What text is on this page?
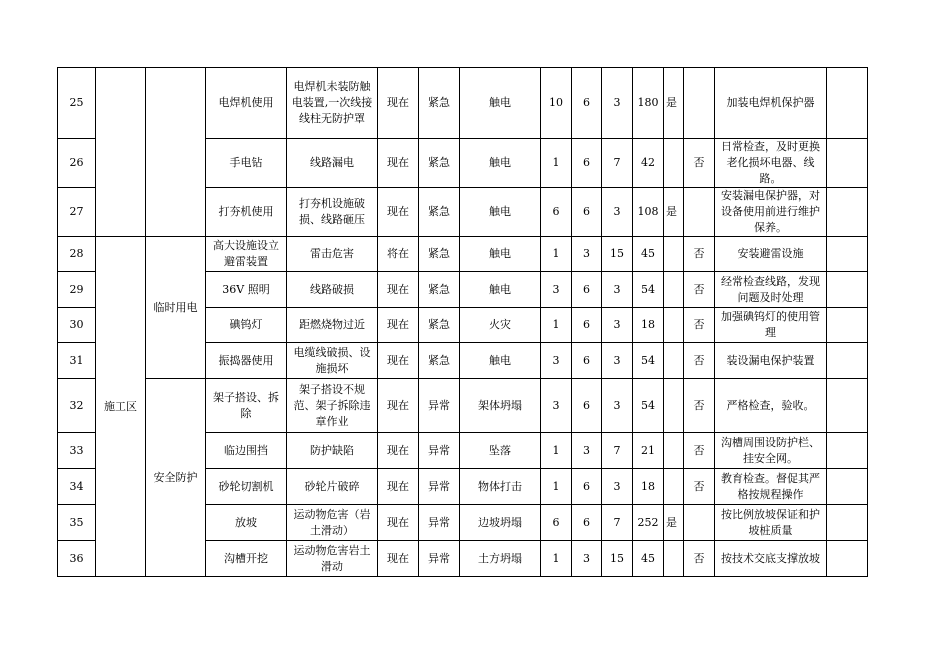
25			电焊机使用	电焊机未装防触电装置,一次线接线柱无防护罩	现在	紧急	触电	10	6	3	180	是		加装电焊机保护器	
26			手电钻	线路漏电	现在	紧急	触电	1	6	7	42		否	日常检查，及时更换老化损坏电器、线路。	
27			打夯机使用	打夯机设施破损、线路砸压	现在	紧急	触电	6	6	3	108	是		安装漏电保护器，对设备使用前进行维护保养。	
28	施工区	临时用电	高大设施设立避雷装置	雷击危害	将在	紧急	触电	1	3	15	45		否	安装避雷设施	
29			36V 照明	线路破损	现在	紧急	触电	3	6	3	54		否	经常检查线路，发现问题及时处理	
30			碘钨灯	距燃烧物过近	现在	紧急	火灾	1	6	3	18		否	加强碘钨灯的使用管理	
31			振捣器使用	电缆线破损、设施损坏	现在	紧急	触电	3	6	3	54		否	装设漏电保护装置	
32		安全防护	架子搭设、拆除	架子搭设不规范、架子拆除违章作业	现在	异常	架体坍塌	3	6	3	54		否	严格检查，验收。	
33			临边围挡	防护缺陷	现在	异常	坠落	1	3	7	21		否	沟槽周围设防护栏、挂安全网。	
34			砂轮切割机	砂轮片破碎	现在	异常	物体打击	1	6	3	18		否	教育检查。督促其严格按规程操作	
35			放坡	运动物危害（岩土滑动）	现在	异常	边坡坍塌	6	6	7	252	是		按比例放坡保证和护坡桩质量	
36			沟槽开挖	运动物危害岩土滑动	现在	异常	土方坍塌	1	3	15	45		否	按技术交底支撑放坡	
